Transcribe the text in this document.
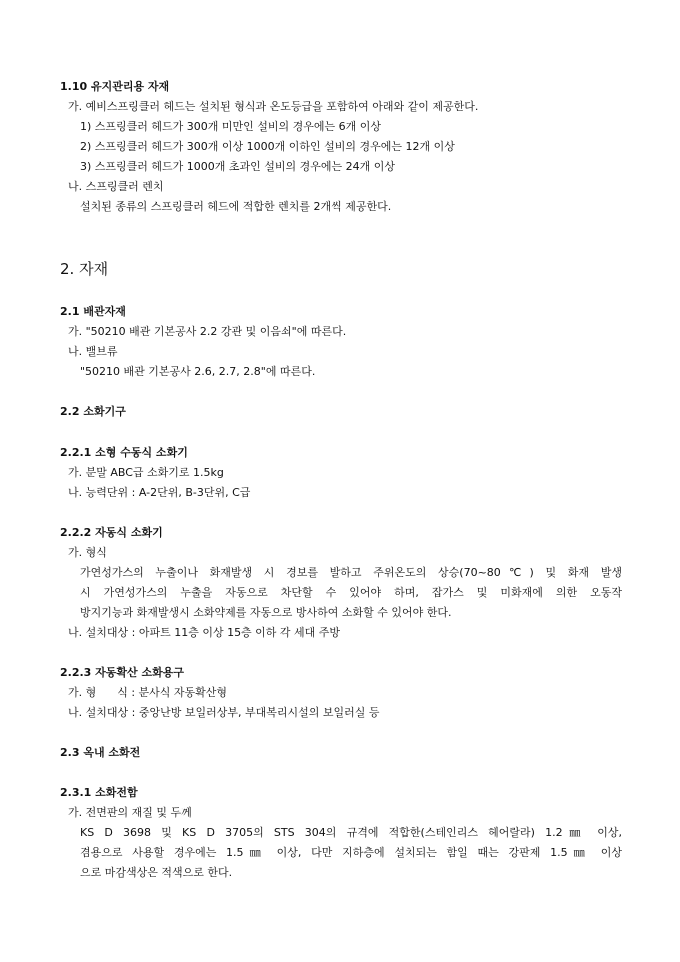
1.10 유지관리용 자재
가. 예비스프링클러 헤드는 설치된 형식과 온도등급을 포함하여 아래와 같이 제공한다.
1) 스프링클러 헤드가 300개 미만인 설비의 경우에는 6개 이상
2) 스프링클러 헤드가 300개 이상 1000개 이하인 설비의 경우에는 12개 이상
3) 스프링클러 헤드가 1000개 초과인 설비의 경우에는 24개 이상
나. 스프링클러 렌치
설치된 종류의 스프링클러 헤드에 적합한 렌치를 2개씩 제공한다.
2. 자재
2.1 배관자재
가. "50210 배관 기본공사 2.2 강관 및 이음쇠"에 따른다.
나. 밸브류
"50210 배관 기본공사 2.6, 2.7, 2.8"에 따른다.
2.2 소화기구
2.2.1 소형 수동식 소화기
가. 분말 ABC급 소화기로 1.5kg
나. 능력단위 : A-2단위, B-3단위, C급
2.2.2 자동식 소화기
가. 형식
가연성가스의 누출이나 화재발생 시 경보를 발하고 주위온도의 상승(70~80℃) 및 화재 발생
시 가연성가스의 누출을 자동으로 차단할 수 있어야 하며, 잡가스 및 미화재에 의한 오동작
방지기능과 화재발생시 소화약제를 자동으로 방사하여 소화할 수 있어야 한다.
나. 설치대상 : 아파트 11층 이상 15층 이하 각 세대 주방
2.2.3 자동확산 소화용구
가. 형      식 : 분사식 자동확산형
나. 설치대상 : 중앙난방 보일러상부, 부대복리시설의 보일러실 등
2.3 옥내 소화전
2.3.1 소화전함
가. 전면판의 재질 및 두께
KS D 3698 및 KS D 3705의 STS 304의 규격에 적합한(스테인리스 헤어랄라) 1.2㎜ 이상,
겸용으로 사용할 경우에는 1.5㎜ 이상, 다만 지하층에 설치되는 함일 때는 강판제 1.5㎜ 이상
으로 마감색상은 적색으로 한다.
